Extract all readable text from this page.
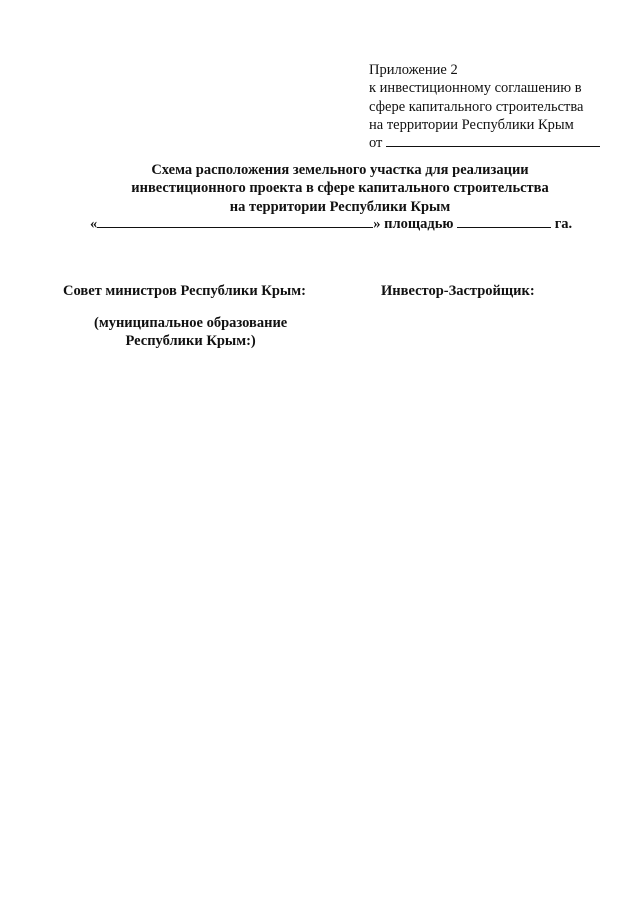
Приложение 2
к инвестиционному соглашению в
сфере капитального строительства
на территории Республики Крым
от
Схема расположения земельного участка для реализации
инвестиционного проекта в сфере капитального строительства
на территории Республики Крым
«	» площадью	га.
Совет министров Республики Крым:	Инвестор-Застройщик:
(муниципальное образование
Республики Крым:)
